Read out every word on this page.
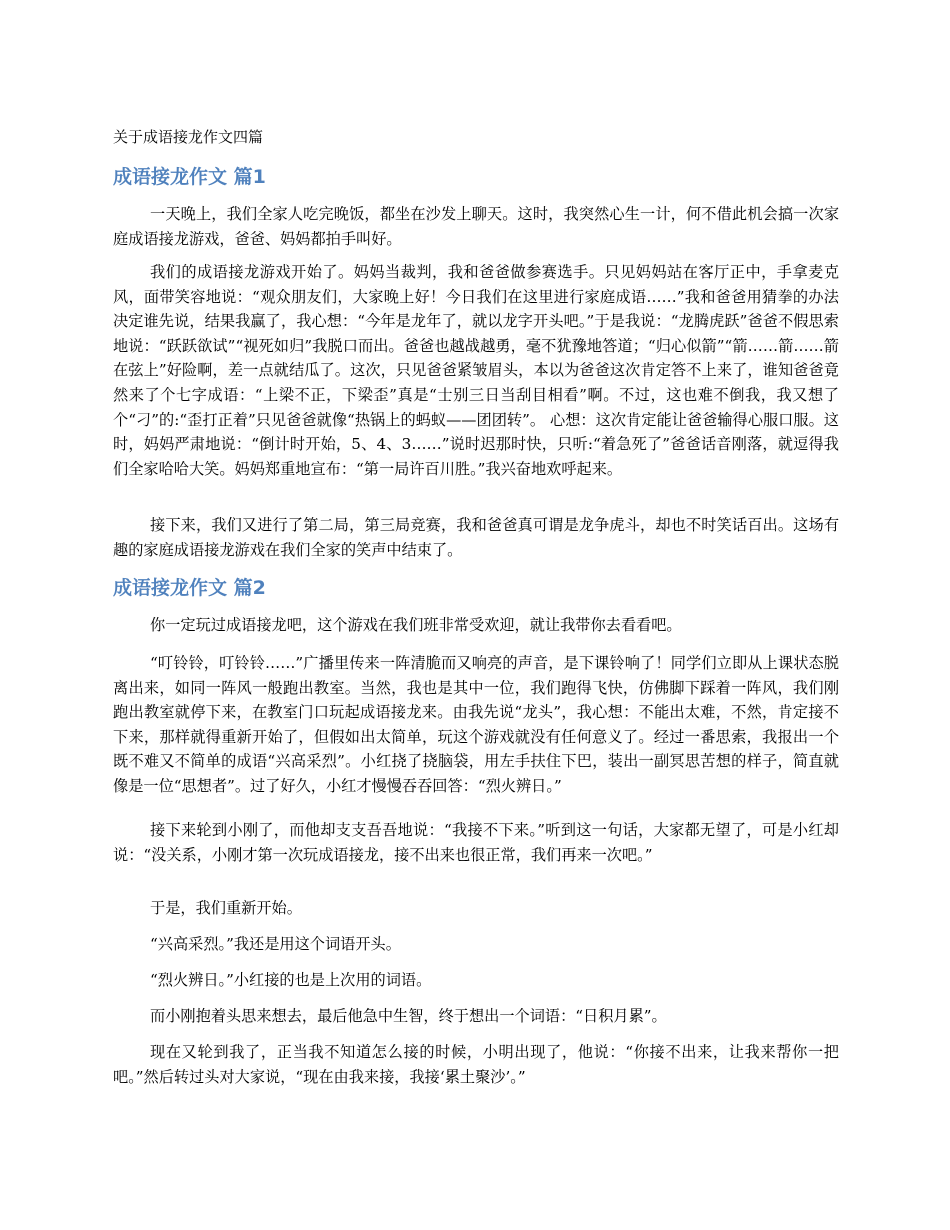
关于成语接龙作文四篇

成语接龙作文 篇1

一天晚上，我们全家人吃完晚饭，都坐在沙发上聊天。这时，我突然心生一计，何不借此机会搞一次家庭成语接龙游戏，爸爸、妈妈都拍手叫好。

我们的成语接龙游戏开始了。妈妈当裁判，我和爸爸做参赛选手。只见妈妈站在客厅正中，手拿麦克风，面带笑容地说：“观众朋友们，大家晚上好！今日我们在这里进行家庭成语……”我和爸爸用猜拳的办法决定谁先说，结果我赢了，我心想：“今年是龙年了，就以龙字开头吧。”于是我说：“龙腾虎跃”爸爸不假思索地说：“跃跃欲试”“视死如归”我脱口而出。爸爸也越战越勇，毫不犹豫地答道；“归心似箭”“箭……箭……箭在弦上”好险啊，差一点就结瓜了。这次，只见爸爸紧皱眉头，本以为爸爸这次肯定答不上来了，谁知爸爸竟然来了个七字成语：“上梁不正，下梁歪”真是“士别三日当刮目相看”啊。不过，这也难不倒我，我又想了个“刁”的:“歪打正着”只见爸爸就像“热锅上的蚂蚁——团团转”。 心想：这次肯定能让爸爸输得心服口服。这时，妈妈严肃地说：“倒计时开始，5、4、3……”说时迟那时快，只听:“着急死了”爸爸话音刚落，就逗得我们全家哈哈大笑。妈妈郑重地宣布：“第一局许百川胜。”我兴奋地欢呼起来。

接下来，我们又进行了第二局，第三局竞赛，我和爸爸真可谓是龙争虎斗，却也不时笑话百出。这场有趣的家庭成语接龙游戏在我们全家的笑声中结束了。

成语接龙作文 篇2

你一定玩过成语接龙吧，这个游戏在我们班非常受欢迎，就让我带你去看看吧。

“叮铃铃，叮铃铃……”广播里传来一阵清脆而又响亮的声音，是下课铃响了！同学们立即从上课状态脱离出来，如同一阵风一般跑出教室。当然，我也是其中一位，我们跑得飞快，仿佛脚下踩着一阵风，我们刚跑出教室就停下来，在教室门口玩起成语接龙来。由我先说“龙头”，我心想：不能出太难，不然，肯定接不下来，那样就得重新开始了，但假如出太简单，玩这个游戏就没有任何意义了。经过一番思索，我报出一个既不难又不简单的成语“兴高采烈”。小红挠了挠脑袋，用左手扶住下巴，装出一副冥思苦想的样子，简直就像是一位“思想者”。过了好久，小红才慢慢吞吞回答：“烈火辨日。”

接下来轮到小刚了，而他却支支吾吾地说：“我接不下来。”听到这一句话，大家都无望了，可是小红却说：“没关系，小刚才第一次玩成语接龙，接不出来也很正常，我们再来一次吧。”

于是，我们重新开始。

“兴高采烈。”我还是用这个词语开头。

“烈火辨日。”小红接的也是上次用的词语。

而小刚抱着头思来想去，最后他急中生智，终于想出一个词语：“日积月累”。

现在又轮到我了，正当我不知道怎么接的时候，小明出现了，他说：“你接不出来，让我来帮你一把吧。”然后转过头对大家说，“现在由我来接，我接‘累土聚沙’。”
